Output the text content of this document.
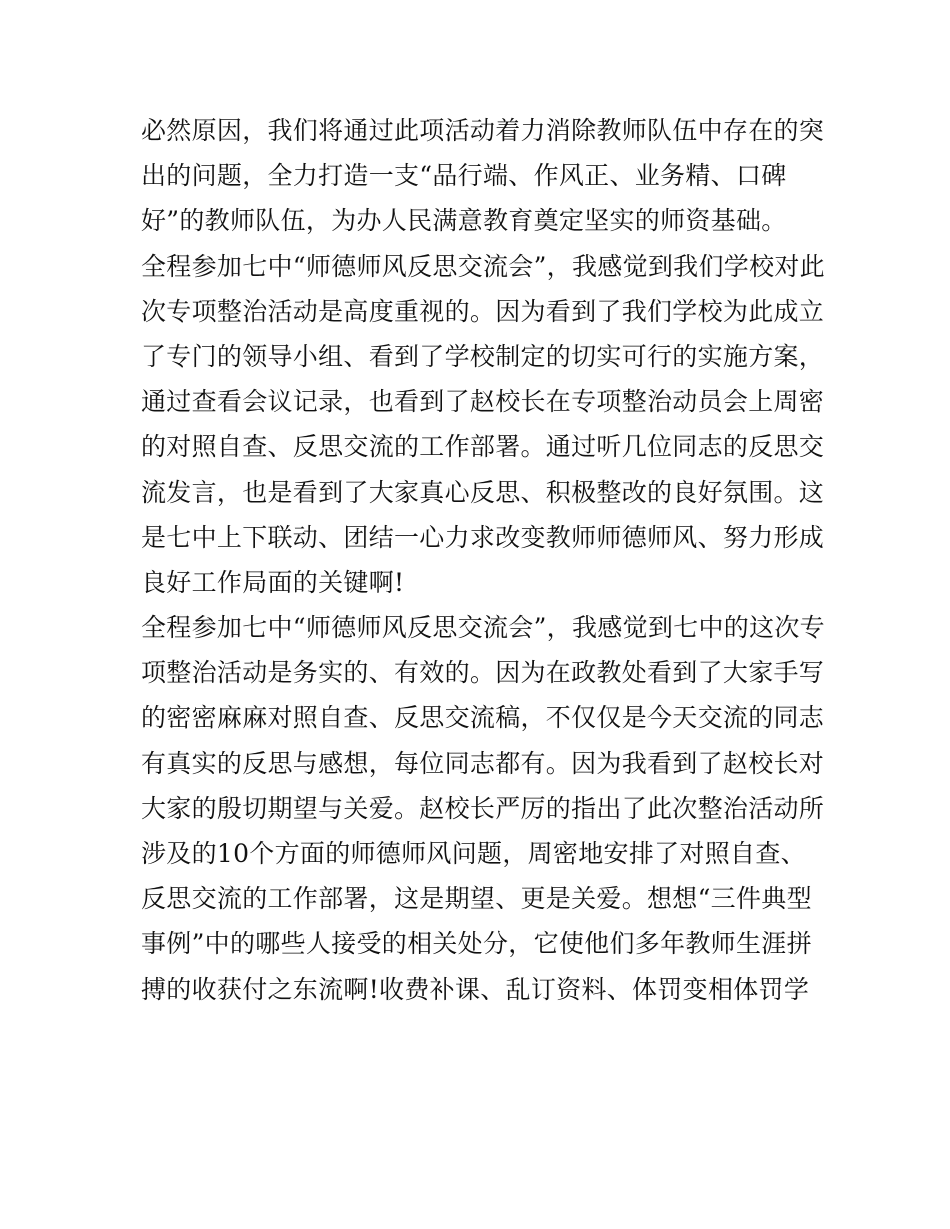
必然原因，我们将通过此项活动着力消除教师队伍中存在的突
出的问题，全力打造一支“品行端、作风正、业务精、口碑
好”的教师队伍，为办人民满意教育奠定坚实的师资基础。
全程参加七中“师德师风反思交流会”，我感觉到我们学校对此
次专项整治活动是高度重视的。因为看到了我们学校为此成立
了专门的领导小组、看到了学校制定的切实可行的实施方案，
通过查看会议记录，也看到了赵校长在专项整治动员会上周密
的对照自查、反思交流的工作部署。通过听几位同志的反思交
流发言，也是看到了大家真心反思、积极整改的良好氛围。这
是七中上下联动、团结一心力求改变教师师德师风、努力形成
良好工作局面的关键啊!
全程参加七中“师德师风反思交流会”，我感觉到七中的这次专
项整治活动是务实的、有效的。因为在政教处看到了大家手写
的密密麻麻对照自查、反思交流稿，不仅仅是今天交流的同志
有真实的反思与感想，每位同志都有。因为我看到了赵校长对
大家的殷切期望与关爱。赵校长严厉的指出了此次整治活动所
涉及的10个方面的师德师风问题，周密地安排了对照自查、
反思交流的工作部署，这是期望、更是关爱。想想“三件典型
事例”中的哪些人接受的相关处分，它使他们多年教师生涯拼
搏的收获付之东流啊!收费补课、乱订资料、体罚变相体罚学
